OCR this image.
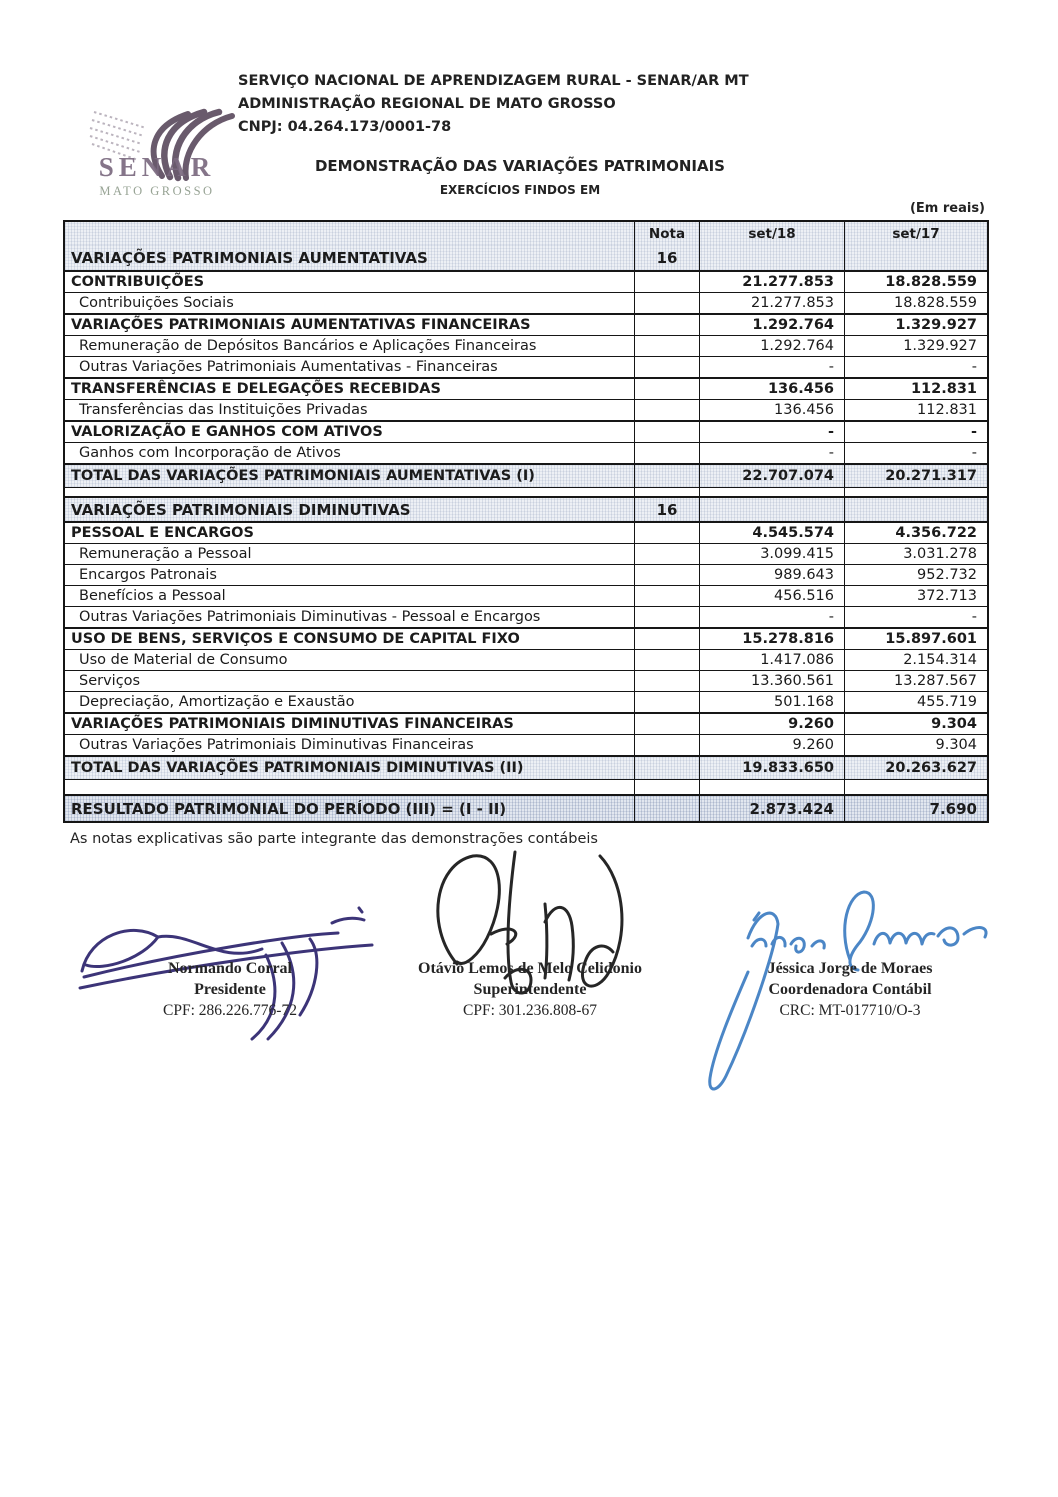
SENAR
MATO GROSSO
SERVIÇO NACIONAL DE APRENDIZAGEM RURAL - SENAR/AR MT
ADMINISTRAÇÃO REGIONAL DE MATO GROSSO
CNPJ: 04.264.173/0001-78
DEMONSTRAÇÃO DAS VARIAÇÕES PATRIMONIAIS
EXERCÍCIOS FINDOS EM
(Em reais)
Nota	set/18	set/17
VARIAÇÕES PATRIMONIAIS AUMENTATIVAS	16
CONTRIBUIÇÕES	21.277.853	18.828.559
Contribuições Sociais	21.277.853	18.828.559
VARIAÇÕES PATRIMONIAIS AUMENTATIVAS FINANCEIRAS	1.292.764	1.329.927
Remuneração de Depósitos Bancários e Aplicações Financeiras	1.292.764	1.329.927
Outras Variações Patrimoniais Aumentativas - Financeiras	-	-
TRANSFERÊNCIAS E DELEGAÇÕES RECEBIDAS	136.456	112.831
Transferências das Instituições Privadas	136.456	112.831
VALORIZAÇÃO E GANHOS COM ATIVOS	-	-
Ganhos com Incorporação de Ativos	-	-
TOTAL DAS VARIAÇÕES PATRIMONIAIS AUMENTATIVAS (I)	22.707.074	20.271.317
VARIAÇÕES PATRIMONIAIS DIMINUTIVAS	16
PESSOAL E ENCARGOS	4.545.574	4.356.722
Remuneração a Pessoal	3.099.415	3.031.278
Encargos Patronais	989.643	952.732
Benefícios a Pessoal	456.516	372.713
Outras Variações Patrimoniais Diminutivas - Pessoal e Encargos	-	-
USO DE BENS, SERVIÇOS E CONSUMO DE CAPITAL FIXO	15.278.816	15.897.601
Uso de Material de Consumo	1.417.086	2.154.314
Serviços	13.360.561	13.287.567
Depreciação, Amortização e Exaustão	501.168	455.719
VARIAÇÕES PATRIMONIAIS DIMINUTIVAS FINANCEIRAS	9.260	9.304
Outras Variações Patrimoniais Diminutivas Financeiras	9.260	9.304
TOTAL DAS VARIAÇÕES PATRIMONIAIS DIMINUTIVAS (II)	19.833.650	20.263.627
RESULTADO PATRIMONIAL DO PERÍODO (III) = (I - II)	2.873.424	7.690
As notas explicativas são parte integrante das demonstrações contábeis
Normando Corral
Presidente
CPF: 286.226.776-72
Otávio Lemos de Melo Celidonio
Superintendente
CPF: 301.236.808-67
Jéssica Jorge de Moraes
Coordenadora Contábil
CRC: MT-017710/O-3
